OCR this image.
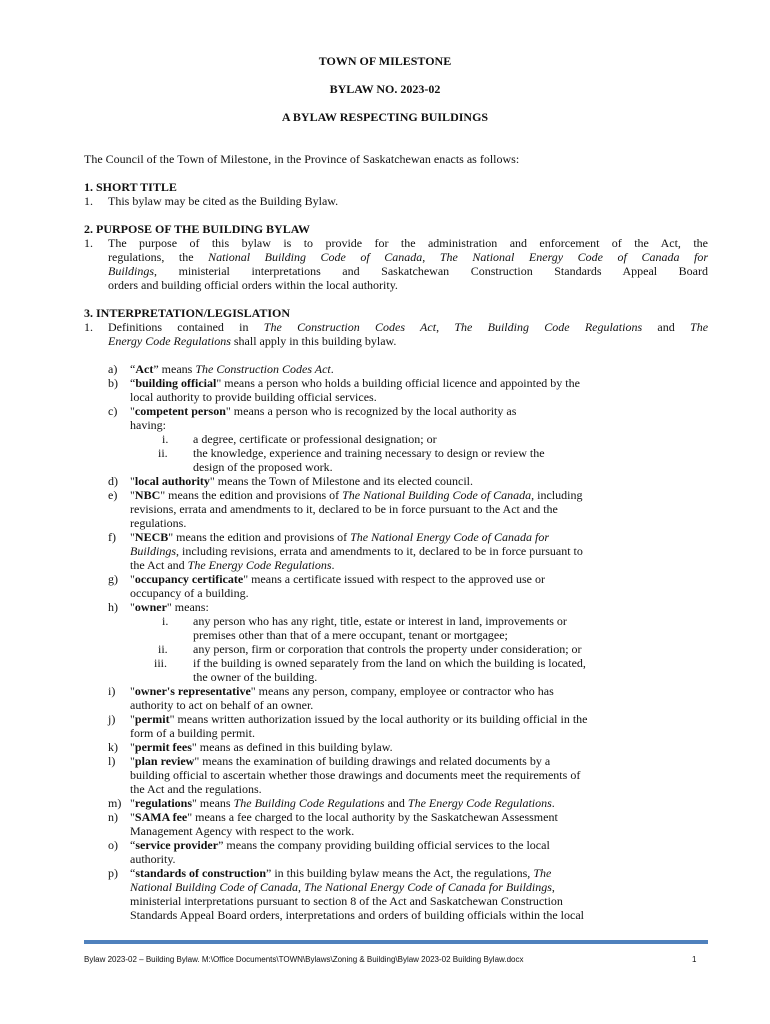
TOWN OF MILESTONE
BYLAW NO. 2023-02
A BYLAW RESPECTING BUILDINGS
The Council of the Town of Milestone, in the Province of Saskatchewan enacts as follows:
1. SHORT TITLE
1. This bylaw may be cited as the Building Bylaw.
2. PURPOSE OF THE BUILDING BYLAW
1. The purpose of this bylaw is to provide for the administration and enforcement of the Act, the
regulations, the National Building Code of Canada, The National Energy Code of Canada for
Buildings, ministerial interpretations and Saskatchewan Construction Standards Appeal Board
orders and building official orders within the local authority.
3. INTERPRETATION/LEGISLATION
1. Definitions contained in The Construction Codes Act, The Building Code Regulations and The
Energy Code Regulations shall apply in this building bylaw.
a) “Act” means The Construction Codes Act.
b) “building official" means a person who holds a building official licence and appointed by the
local authority to provide building official services.
c) "competent person" means a person who is recognized by the local authority as
having:
i. a degree, certificate or professional designation; or
ii. the knowledge, experience and training necessary to design or review the
design of the proposed work.
d) "local authority" means the Town of Milestone and its elected council.
e) "NBC" means the edition and provisions of The National Building Code of Canada, including
revisions, errata and amendments to it, declared to be in force pursuant to the Act and the
regulations.
f) "NECB" means the edition and provisions of The National Energy Code of Canada for
Buildings, including revisions, errata and amendments to it, declared to be in force pursuant to
the Act and The Energy Code Regulations.
g) "occupancy certificate" means a certificate issued with respect to the approved use or
occupancy of a building.
h) "owner" means:
i. any person who has any right, title, estate or interest in land, improvements or
premises other than that of a mere occupant, tenant or mortgagee;
ii. any person, firm or corporation that controls the property under consideration; or
iii. if the building is owned separately from the land on which the building is located,
the owner of the building.
i) "owner's representative" means any person, company, employee or contractor who has
authority to act on behalf of an owner.
j) "permit" means written authorization issued by the local authority or its building official in the
form of a building permit.
k) "permit fees" means as defined in this building bylaw.
l) "plan review" means the examination of building drawings and related documents by a
building official to ascertain whether those drawings and documents meet the requirements of
the Act and the regulations.
m) "regulations" means The Building Code Regulations and The Energy Code Regulations.
n) "SAMA fee" means a fee charged to the local authority by the Saskatchewan Assessment
Management Agency with respect to the work.
o) “service provider” means the company providing building official services to the local
authority.
p) “standards of construction” in this building bylaw means the Act, the regulations, The
National Building Code of Canada, The National Energy Code of Canada for Buildings,
ministerial interpretations pursuant to section 8 of the Act and Saskatchewan Construction
Standards Appeal Board orders, interpretations and orders of building officials within the local
Bylaw 2023-02 – Building Bylaw. M:\Office Documents\TOWN\Bylaws\Zoning & Building\Bylaw 2023-02 Building Bylaw.docx	1
